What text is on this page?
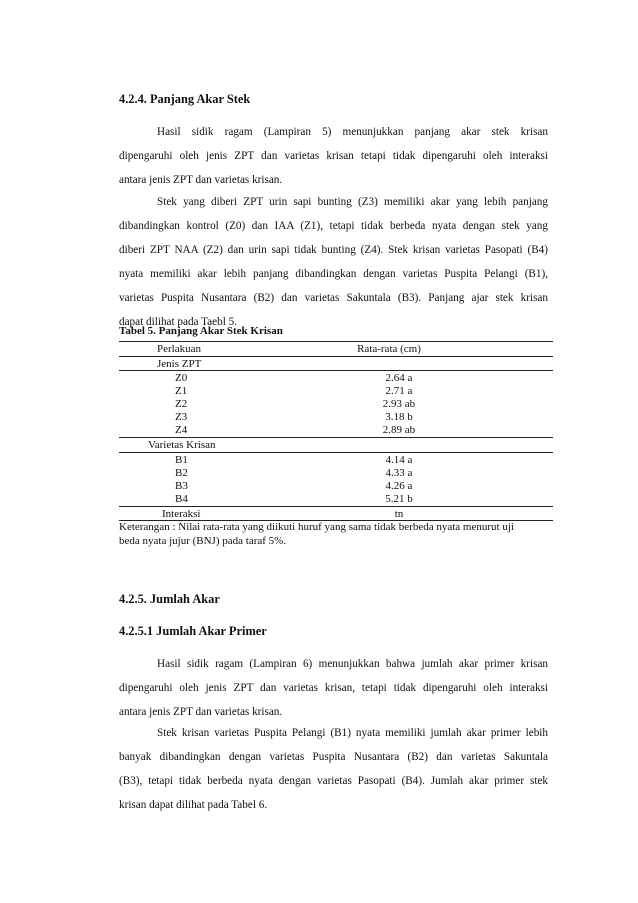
4.2.4. Panjang Akar Stek
Hasil sidik ragam (Lampiran 5) menunjukkan panjang akar stek krisan
dipengaruhi oleh jenis ZPT dan varietas krisan tetapi tidak dipengaruhi oleh interaksi
antara jenis ZPT dan varietas krisan.
Stek yang diberi ZPT urin sapi bunting (Z3) memiliki akar yang lebih panjang
dibandingkan kontrol (Z0) dan IAA (Z1), tetapi tidak berbeda nyata dengan stek yang
diberi ZPT NAA (Z2) dan urin sapi tidak bunting (Z4). Stek krisan varietas Pasopati (B4)
nyata memiliki akar lebih panjang dibandingkan dengan varietas Puspita Pelangi (B1),
varietas Puspita Nusantara (B2) dan varietas Sakuntala (B3). Panjang ajar stek krisan
dapat dilihat pada Taebl 5.
Tabel 5. Panjang Akar Stek Krisan
Perlakuan	Rata-rata (cm)
Jenis ZPT
Z0	2.64 a
Z1	2.71 a
Z2	2.93 ab
Z3	3.18 b
Z4	2.89 ab
Varietas Krisan
B1	4.14 a
B2	4.33 a
B3	4.26 a
B4	5.21 b
Interaksi	tn
Keterangan : Nilai rata-rata yang diikuti huruf yang sama tidak berbeda nyata menurut uji
beda nyata jujur (BNJ) pada taraf 5%.
4.2.5. Jumlah Akar
4.2.5.1 Jumlah Akar Primer
Hasil sidik ragam (Lampiran 6) menunjukkan bahwa jumlah akar primer krisan
dipengaruhi oleh jenis ZPT dan varietas krisan, tetapi tidak dipengaruhi oleh interaksi
antara jenis ZPT dan varietas krisan.
Stek krisan varietas Puspita Pelangi (B1) nyata memiliki jumlah akar primer lebih
banyak dibandingkan dengan varietas Puspita Nusantara (B2) dan varietas Sakuntala
(B3), tetapi tidak berbeda nyata dengan varietas Pasopati (B4). Jumlah akar primer stek
krisan dapat dilihat pada Tabel 6.
